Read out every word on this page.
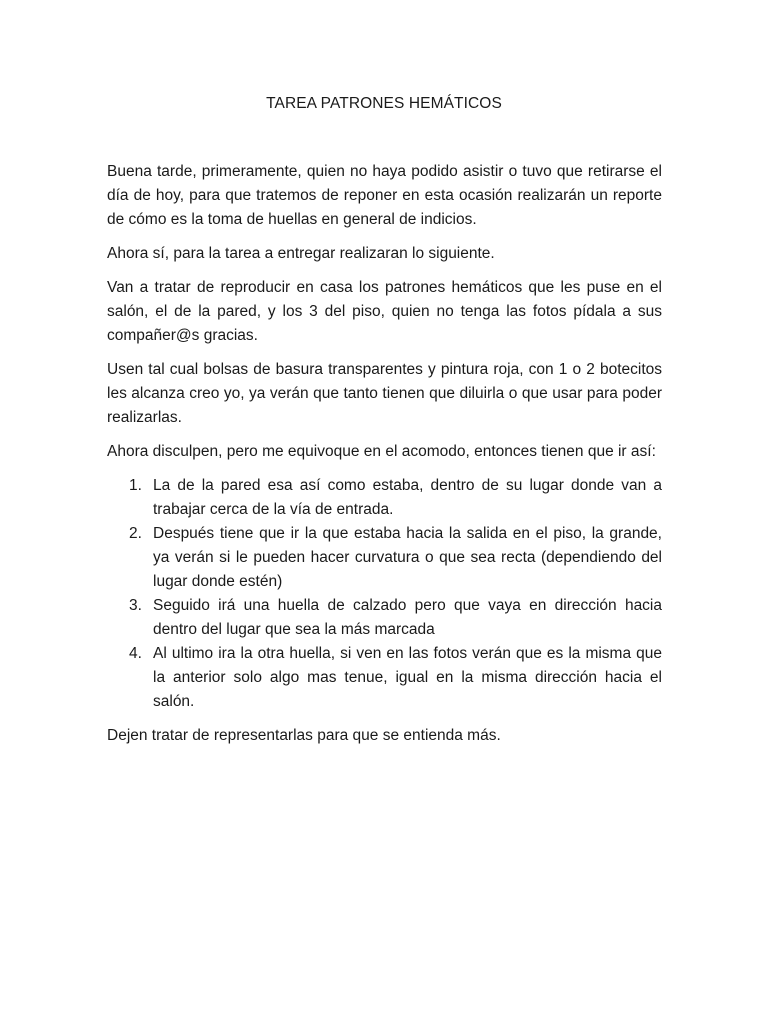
TAREA PATRONES HEMÁTICOS

Buena tarde, primeramente, quien no haya podido asistir o tuvo que retirarse el día de hoy, para que tratemos de reponer en esta ocasión realizarán un reporte de cómo es la toma de huellas en general de indicios.

Ahora sí, para la tarea a entregar realizaran lo siguiente.

Van a tratar de reproducir en casa los patrones hemáticos que les puse en el salón, el de la pared, y los 3 del piso, quien no tenga las fotos pídala a sus compañer@s gracias.

Usen tal cual bolsas de basura transparentes y pintura roja, con 1 o 2 botecitos les alcanza creo yo, ya verán que tanto tienen que diluirla o que usar para poder realizarlas.

Ahora disculpen, pero me equivoque en el acomodo, entonces tienen que ir así:

1. La de la pared esa así como estaba, dentro de su lugar donde van a trabajar cerca de la vía de entrada.
2. Después tiene que ir la que estaba hacia la salida en el piso, la grande, ya verán si le pueden hacer curvatura o que sea recta (dependiendo del lugar donde estén)
3. Seguido irá una huella de calzado pero que vaya en dirección hacia dentro del lugar que sea la más marcada
4. Al ultimo ira la otra huella, si ven en las fotos verán que es la misma que la anterior solo algo mas tenue, igual en la misma dirección hacia el salón.

Dejen tratar de representarlas para que se entienda más.
